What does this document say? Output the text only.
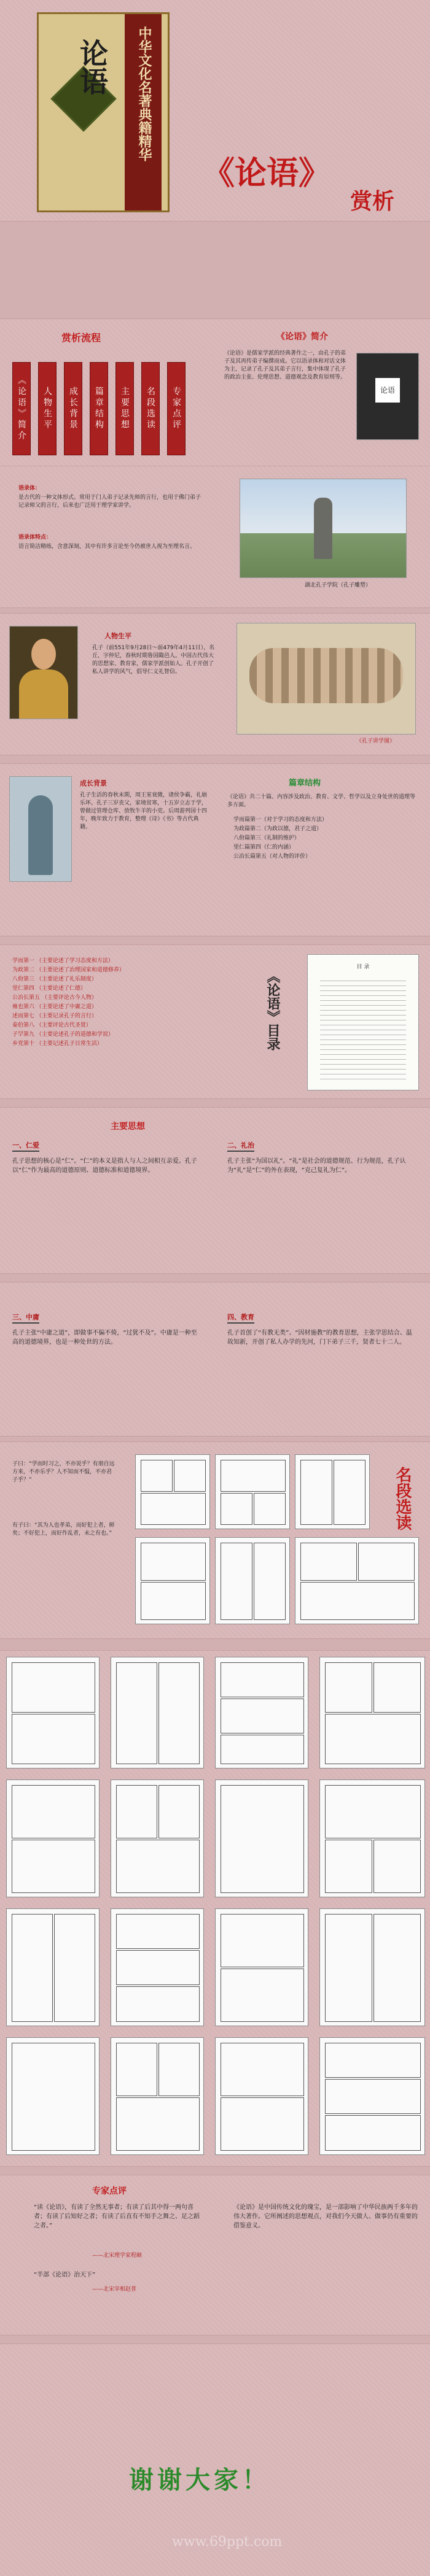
中华文化名著典籍精华
论语
《论语》
赏析
赏析流程
《论语》简介	人物生平	成长背景	篇章结构	主要思想	名段选读	专家点评
《论语》简介
《论语》是儒家学派的经典著作之一，由孔子的弟子及其再传弟子编撰而成。它以语录体和对话文体为主，记录了孔子及其弟子言行，集中体现了孔子的政治主张、伦理思想、道德观念及教育原则等。
论语
语录体：
是古代的一种文体形式。常用于门人弟子记录先师的言行，也用于佛门弟子记录师父的言行，后来也广泛用于理学家讲学。
语录体特点：
语言简洁精练，含意深刻，其中有许多言论至今仍被世人视为至理名言。
湖北孔子学院（孔子雕塑）
人物生平
孔子（前551年9月28日～前479年4月11日），名丘，字仲尼，春秋时期鲁国陬邑人。中国古代伟大的思想家、教育家，儒家学派创始人。孔子开创了私人讲学的风气，倡导仁义礼智信。
《孔子讲学图》
成长背景
孔子生活的春秋末期，周王室衰微，诸侯争霸，礼崩乐坏。孔子三岁丧父，家境贫寒，十五岁立志于学，曾做过管理仓库、放牧牛羊的小吏。后周游列国十四年，晚年致力于教育，整理《诗》《书》等古代典籍。
篇章结构
《论语》共二十篇。内容涉及政治、教育、文学、哲学以及立身处世的道理等多方面。
学而篇第一（对于学习的态度和方法）
为政篇第二（为政以德，君子之道）
八佾篇第三（礼制的维护）
里仁篇第四（仁的内涵）
公冶长篇第五（对人物的评价）
学而第一 （主要论述了学习态度和方法）
为政第二 （主要论述了治理国家和道德修养）
八佾第三 （主要论述了礼乐制度）
里仁第四 （主要论述了仁德）
公冶长第五 （主要评论古今人物）
雍也第六 （主要论述了中庸之道）
述而第七 （主要记录孔子的言行）
泰伯第八 （主要评论古代圣贤）
子罕第九 （主要论述孔子的道德和学说）
乡党第十 （主要记述孔子日常生活）	《论语》目录
目 录
主要思想
一、仁爱
孔子思想的核心是“仁”。“仁”的本义是指人与人之间相互亲爱。孔子以“仁”作为最高的道德原则、道德标准和道德境界。
二、礼治
孔子主张“为国以礼”。“礼”是社会的道德规范、行为规范，孔子认为“礼”是“仁”的外在表现，“克己复礼为仁”。
三、中庸
孔子主张“中庸之道”，即做事不偏不倚，“过犹不及”。中庸是一种至高的道德境界，也是一种处世的方法。
四、教育
孔子首创了“有教无类”、“因材施教”的教育思想，主张学思结合、温故知新，开创了私人办学的先河，门下弟子三千，贤者七十二人。
子曰：“学而时习之，不亦说乎？有朋自远方来，不亦乐乎？人不知而不愠，不亦君子乎？”
有子曰：“其为人也孝弟，而好犯上者，鲜矣；不好犯上，而好作乱者，未之有也。”
名段选读
专家点评
“读《论语》，有读了全然无事者；有读了后其中得一两句喜者；有读了后知好之者；有读了后直有不知手之舞之、足之蹈之者。”
——北宋理学家程颐
“半部《论语》治天下”
——北宋宰相赵普
《论语》是中国传统文化的瑰宝，是一部影响了中华民族两千多年的伟大著作。它所阐述的思想观点，对我们今天做人、做事仍有重要的借鉴意义。
谢谢大家！
www.69ppt.com
